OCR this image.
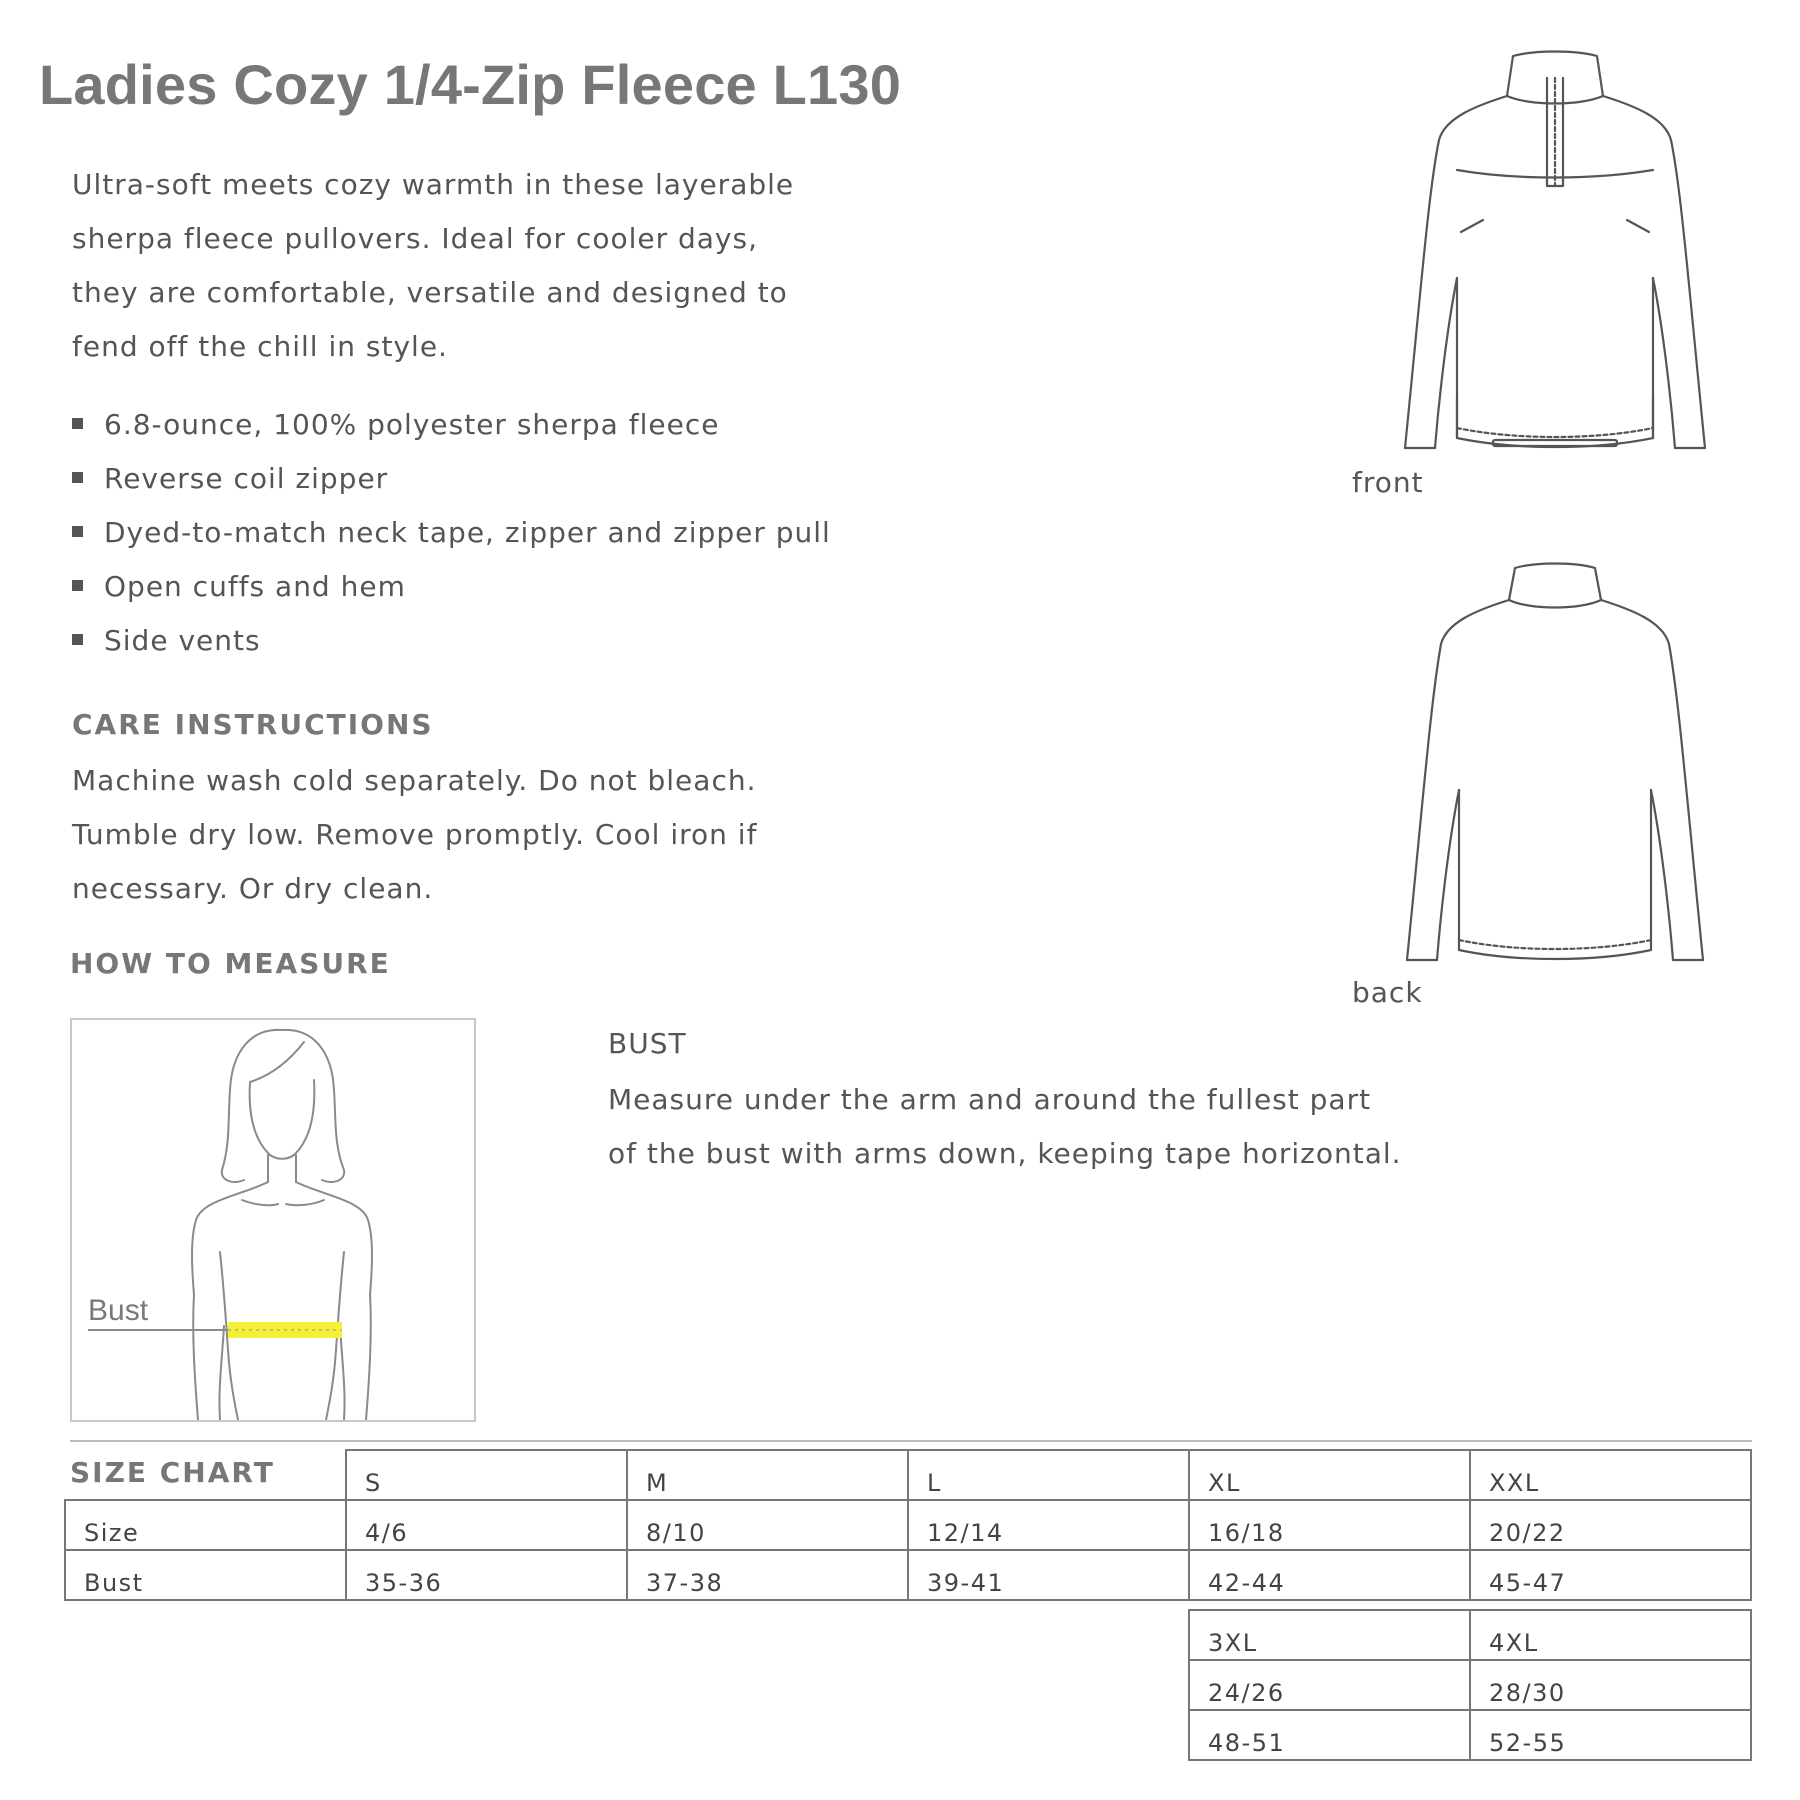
Ladies Cozy 1/4-Zip Fleece L130
Ultra-soft meets cozy warmth in these layerable
sherpa fleece pullovers. Ideal for cooler days,
they are comfortable, versatile and designed to
fend off the chill in style.
6.8-ounce, 100% polyester sherpa fleece
Reverse coil zipper
Dyed-to-match neck tape, zipper and zipper pull
Open cuffs and hem
Side vents
CARE INSTRUCTIONS
Machine wash cold separately. Do not bleach.
Tumble dry low. Remove promptly. Cool iron if
necessary. Or dry clean.
HOW TO MEASURE
Bust
BUST
Measure under the arm and around the fullest part
of the bust with arms down, keeping tape horizontal.
front
back
SIZE CHART
		S	M	L	XL	XXL
Size	4/6	8/10	12/14	16/18	20/22
Bust	35-36	37-38	39-41	42-44	45-47
3XL	4XL
24/26	28/30
48-51	52-55
